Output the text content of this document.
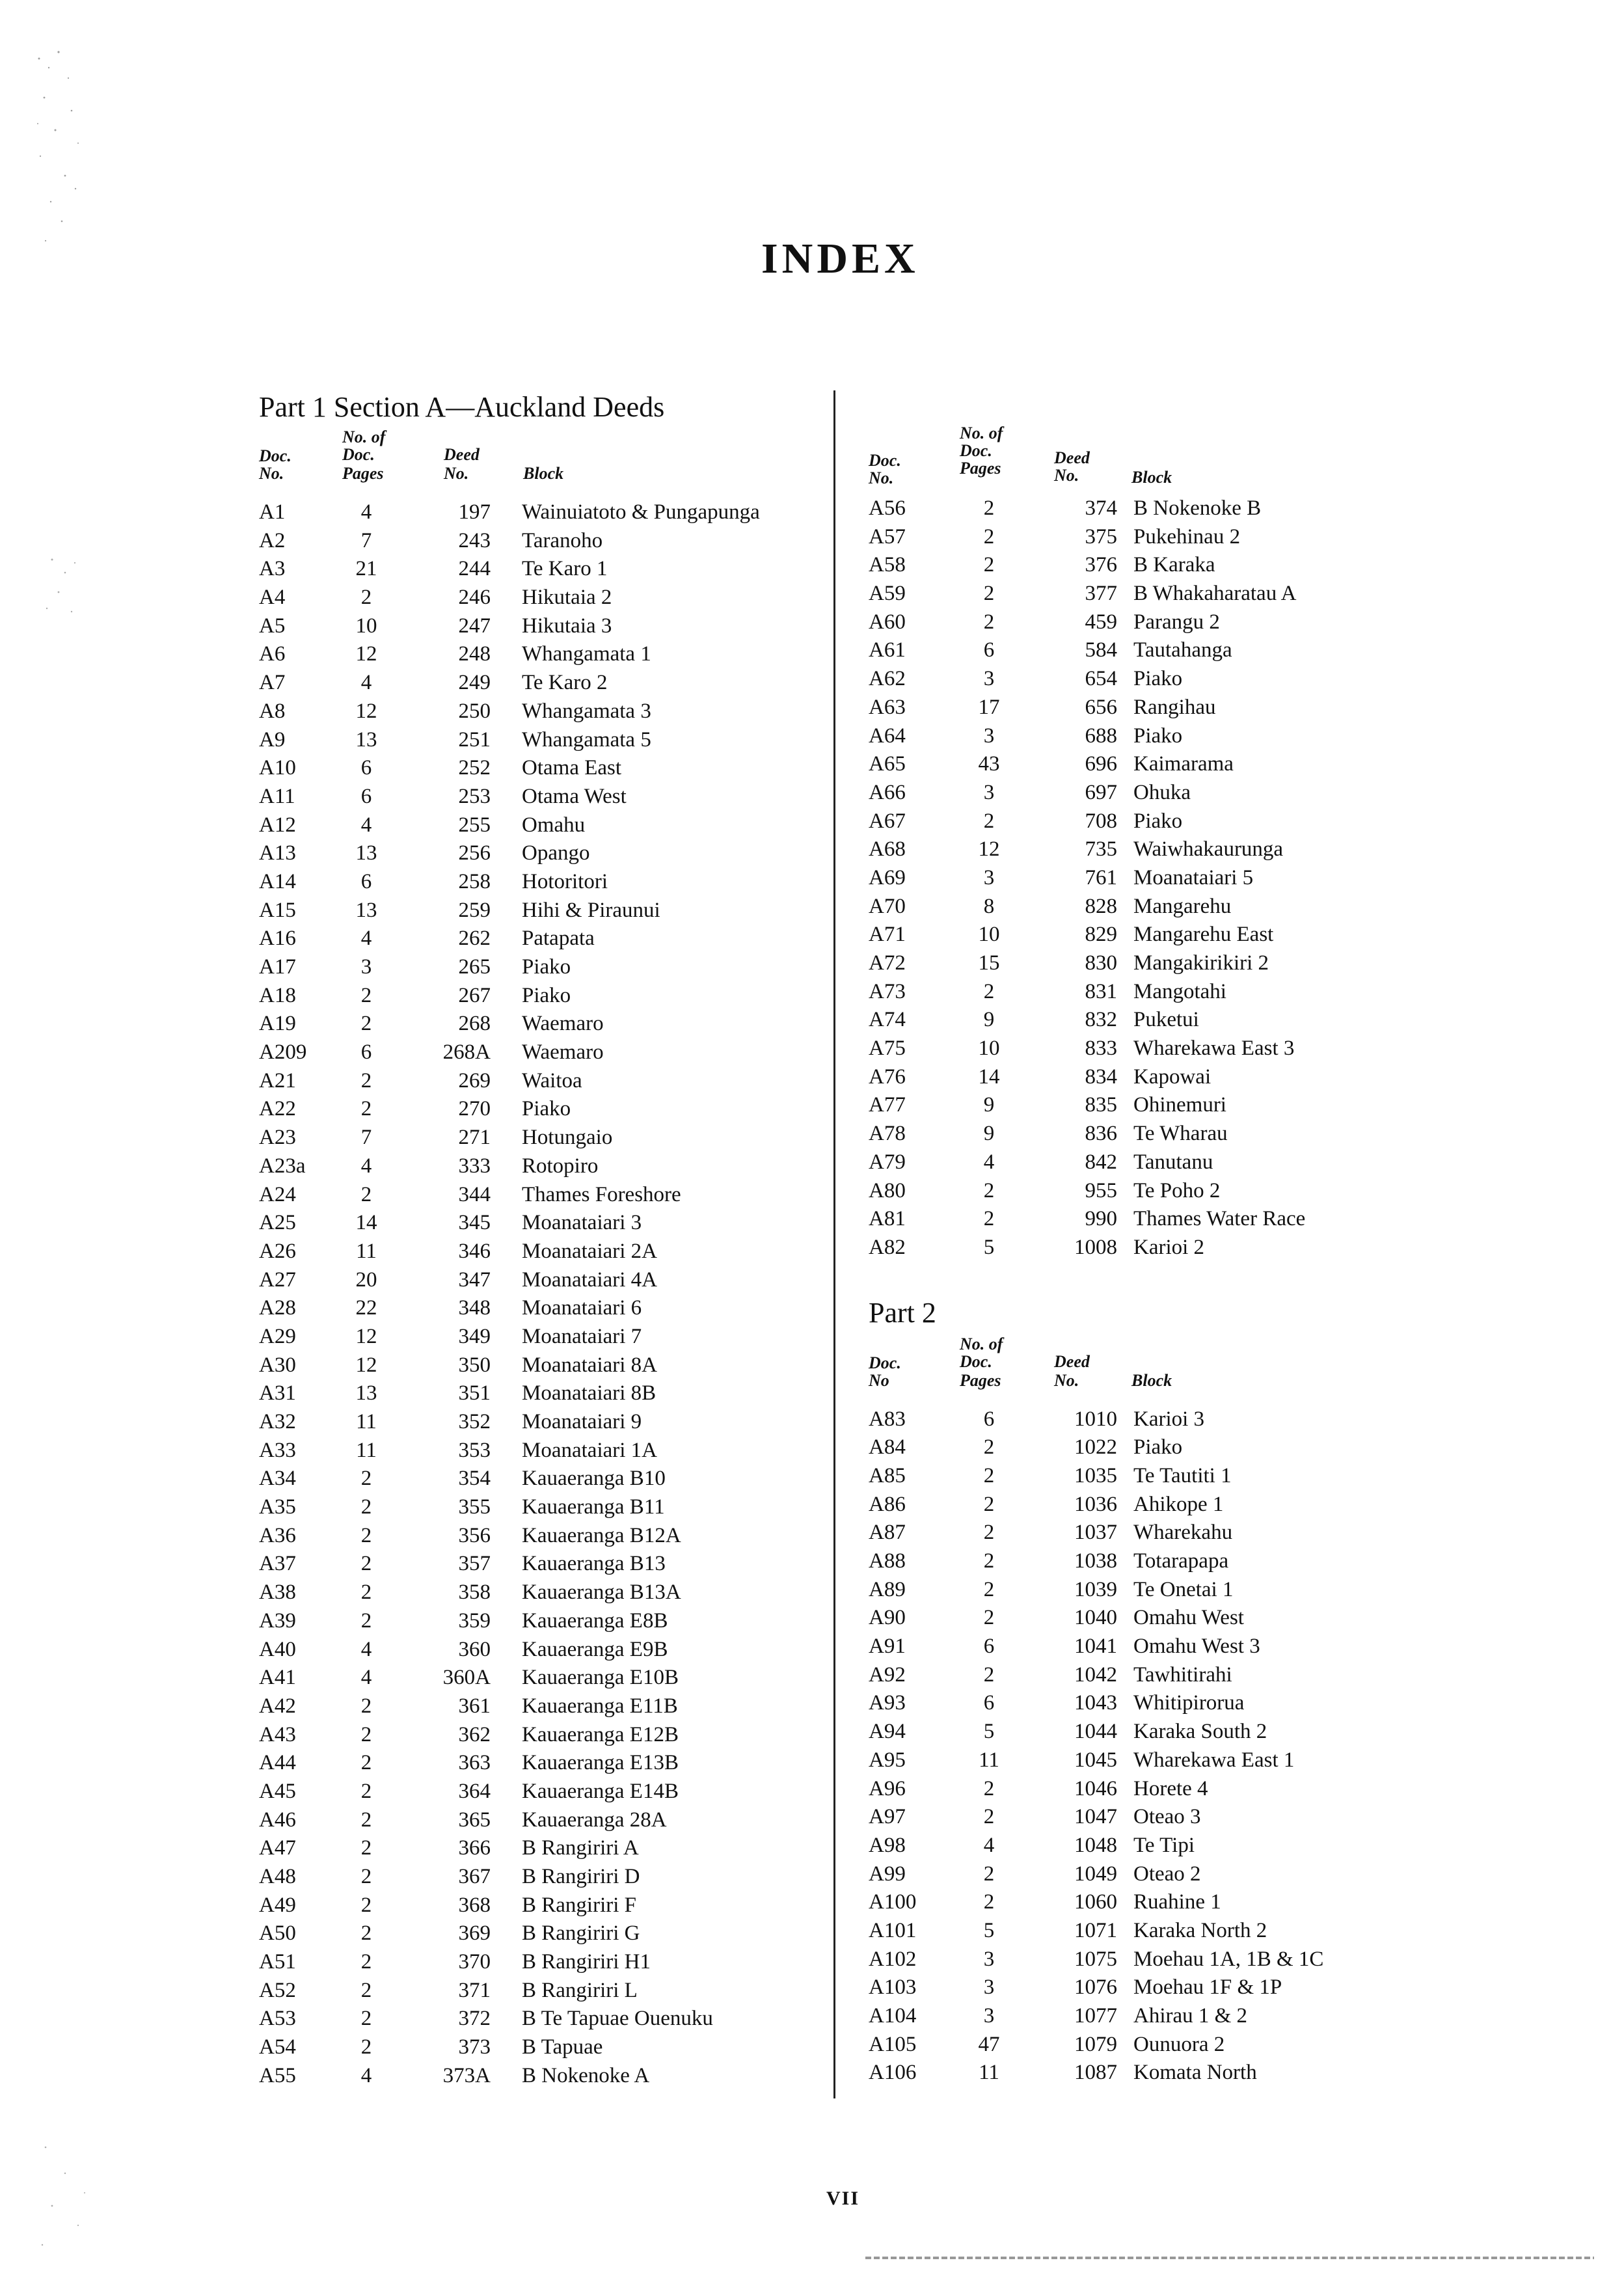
INDEX
Part 1 Section A—Auckland Deeds
No. of
Doc.	Deed
Doc.
No.	Pages	No.	Block
A1	4	197 Wainuiatoto & Pungapunga
A2	7	243 Taranoho
A3	21	244 Te Karo 1
A4	2	246 Hikutaia 2
A5	10	247 Hikutaia 3
A6	12	248 Whangamata 1
A7	4	249 Te Karo 2
A8	12	250 Whangamata 3
A9	13	251 Whangamata 5
A10	6	252 Otama East
A11	6	253 Otama West
A12	4	255 Omahu
A13	13	256 Opango
A14	6	258 Hotoritori
A15	13	259 Hihi & Piraunui
A16	4	262 Patapata
A17	3	265 Piako
A18	2	267 Piako
A19	2	268 Waemaro
A209	6	268A Waemaro
A21	2	269 Waitoa
A22	2	270 Piako
A23	7	271 Hotungaio
A23a	4	333 Rotopiro
A24	2	344 Thames Foreshore
A25	14	345 Moanataiari 3
A26	11	346 Moanataiari 2A
A27	20	347 Moanataiari 4A
A28	22	348 Moanataiari 6
A29	12	349 Moanataiari 7
A30	12	350 Moanataiari 8A
A31	13	351 Moanataiari 8B
A32	11	352 Moanataiari 9
A33	11	353 Moanataiari 1A
A34	2	354 Kauaeranga B10
A35	2	355 Kauaeranga B11
A36	2	356 Kauaeranga B12A
A37	2	357 Kauaeranga B13
A38	2	358 Kauaeranga B13A
A39	2	359 Kauaeranga E8B
A40	4	360 Kauaeranga E9B
A41	4	360A Kauaeranga E10B
A42	2	361 Kauaeranga E11B
A43	2	362 Kauaeranga E12B
A44	2	363 Kauaeranga E13B
A45	2	364 Kauaeranga E14B
A46	2	365 Kauaeranga 28A
A47	2	366 B Rangiriri A
A48	2	367 B Rangiriri D
A49	2	368 B Rangiriri F
A50	2	369 B Rangiriri G
A51	2	370 B Rangiriri H1
A52	2	371 B Rangiriri L
A53	2	372 B Te Tapuae Ouenuku
A54	2	373 B Tapuae
A55	4	373A B Nokenoke A
No. of
Doc.	Deed
Doc.
No.
Pages	No.	Block
A56	2	374 B Nokenoke B
A57	2	375 Pukehinau 2
A58	2	376 B Karaka
A59	2	377 B Whakaharatau A
A60	2	459 Parangu 2
A61	6	584 Tautahanga
A62	3	654 Piako
A63	17	656 Rangihau
A64	3	688 Piako
A65	43	696 Kaimarama
A66	3	697 Ohuka
A67	2	708 Piako
A68	12	735 Waiwhakaurunga
A69	3	761 Moanataiari 5
A70	8	828 Mangarehu
A71	10	829 Mangarehu East
A72	15	830 Mangakirikiri 2
A73	2	831 Mangotahi
A74	9	832 Puketui
A75	10	833 Wharekawa East 3
A76	14	834 Kapowai
A77	9	835 Ohinemuri
A78	9	836 Te Wharau
A79	4	842 Tanutanu
A80	2	955 Te Poho 2
A81	2	990 Thames Water Race
A82	5	1008 Karioi 2
Part 2
No. of
Doc.	Deed
Doc.
No	Pages	No.	Block
A83	6	1010 Karioi 3
A84	2	1022 Piako
A85	2	1035 Te Tautiti 1
A86	2	1036 Ahikope 1
A87	2	1037 Wharekahu
A88	2	1038 Totarapapa
A89	2	1039 Te Onetai 1
A90	2	1040 Omahu West
A91	6	1041 Omahu West 3
A92	2	1042 Tawhitirahi
A93	6	1043 Whitipirorua
A94	5	1044 Karaka South 2
A95	11	1045 Wharekawa East 1
A96	2	1046 Horete 4
A97	2	1047 Oteao 3
A98	4	1048 Te Tipi
A99	2	1049 Oteao 2
A100	2	1060 Ruahine 1
A101	5	1071 Karaka North 2
A102	3	1075 Moehau 1A, 1B & 1C
A103	3	1076 Moehau 1F & 1P
A104	3	1077 Ahirau 1 & 2
A105	47	1079 Ounuora 2
A106	11	1087 Komata North
VII
